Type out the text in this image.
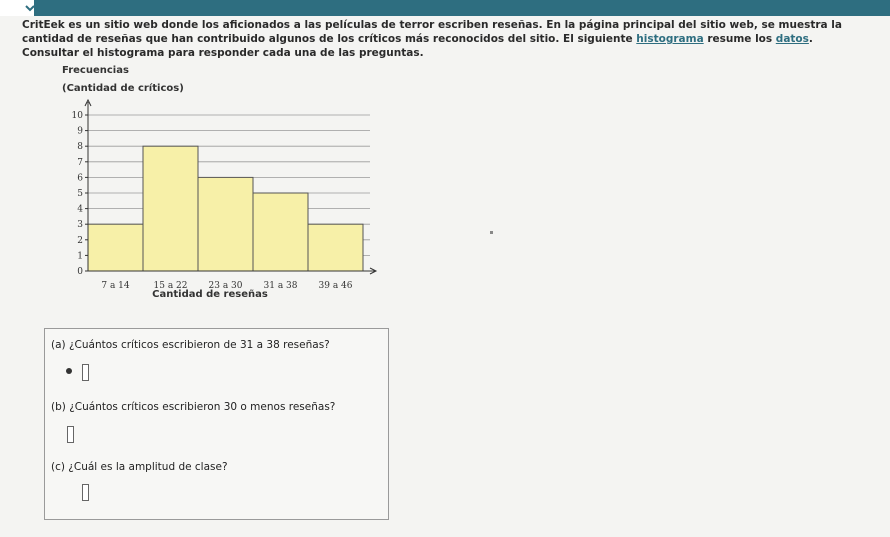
CritEek es un sitio web donde los aficionados a las películas de terror escriben reseñas. En la página principal del sitio web, se muestra la cantidad de reseñas que han contribuido algunos de los críticos más reconocidos del sitio. El siguiente histograma resume los datos. Consultar el histograma para responder cada una de las preguntas.
Frecuencias
(Cantidad de críticos)
0
1
2
3
4
5
6
7
8
9
10
7 a 14	15 a 22 23 a 30 31 a 38 39 a 46
Cantidad de reseñas
(a) ¿Cuántos críticos escribieron de 31 a 38 reseñas?
(b) ¿Cuántos críticos escribieron 30 o menos reseñas?
(c) ¿Cuál es la amplitud de clase?
